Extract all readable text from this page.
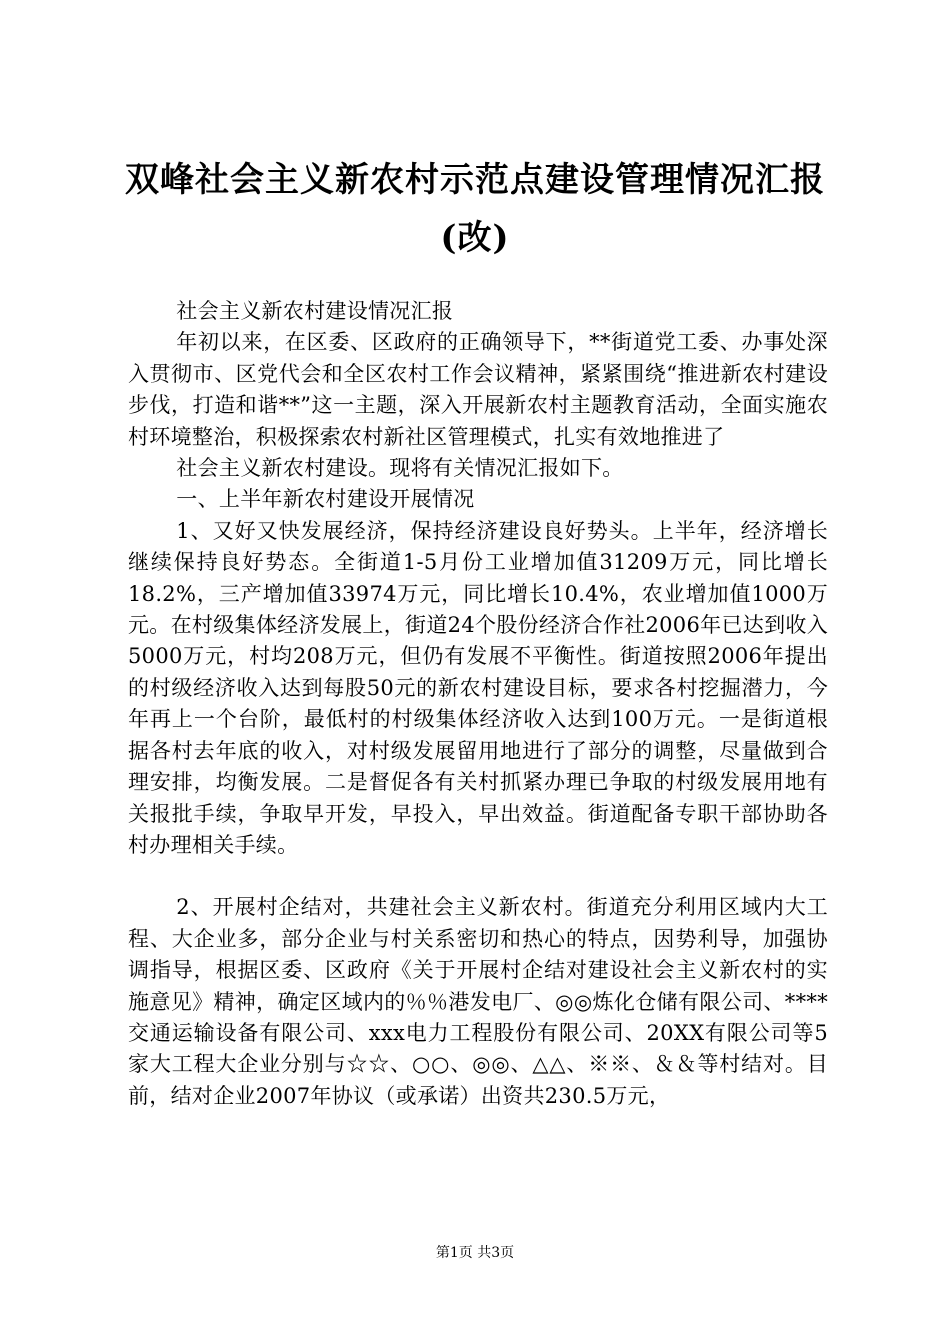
双峰社会主义新农村示范点建设管理情况汇报
(改)

社会主义新农村建设情况汇报

年初以来，在区委、区政府的正确领导下，**街道党工委、办事处深入贯彻市、区党代会和全区农村工作会议精神，紧紧围绕“推进新农村建设步伐，打造和谐**”这一主题，深入开展新农村主题教育活动，全面实施农村环境整治，积极探索农村新社区管理模式，扎实有效地推进了

社会主义新农村建设。现将有关情况汇报如下。

一、上半年新农村建设开展情况

1、又好又快发展经济，保持经济建设良好势头。上半年，经济增长继续保持良好势态。全街道1-5月份工业增加值31209万元，同比增长18.2%，三产增加值33974万元，同比增长10.4%，农业增加值1000万元。在村级集体经济发展上，街道24个股份经济合作社2006年已达到收入5000万元，村均208万元，但仍有发展不平衡性。街道按照2006年提出的村级经济收入达到每股50元的新农村建设目标，要求各村挖掘潜力，今年再上一个台阶，最低村的村级集体经济收入达到100万元。一是街道根据各村去年底的收入，对村级发展留用地进行了部分的调整，尽量做到合理安排，均衡发展。二是督促各有关村抓紧办理已争取的村级发展用地有关报批手续，争取早开发，早投入，早出效益。街道配备专职干部协助各村办理相关手续。

2、开展村企结对，共建社会主义新农村。街道充分利用区域内大工程、大企业多，部分企业与村关系密切和热心的特点，因势利导，加强协调指导，根据区委、区政府《关于开展村企结对建设社会主义新农村的实施意见》精神，确定区域内的％％港发电厂、◎◎炼化仓储有限公司、****交通运输设备有限公司、xxx电力工程股份有限公司、20XX有限公司等5家大工程大企业分别与☆☆、○○、◎◎、△△、※※、＆＆等村结对。目前，结对企业2007年协议（或承诺）出资共230.5万元，

第1页 共3页
